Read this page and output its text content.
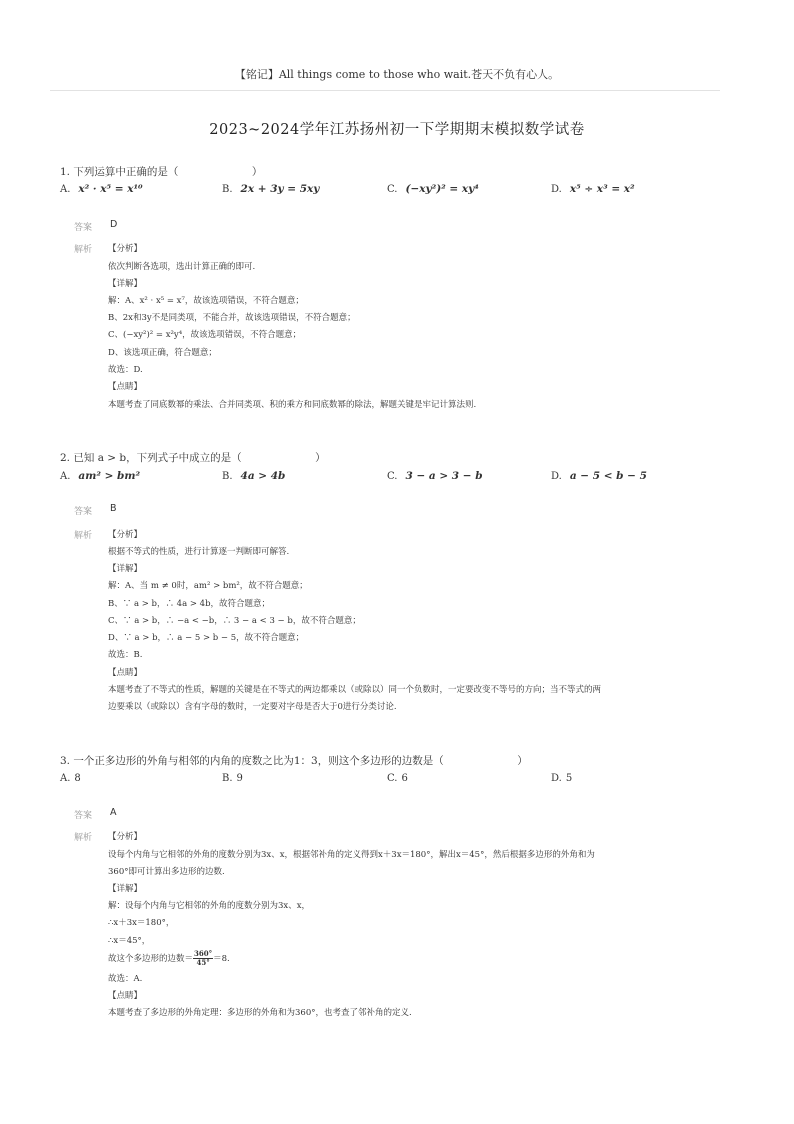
【铭记】All things come to those who wait.苍天不负有心人。
2023~2024学年江苏扬州初一下学期期末模拟数学试卷
1. 下列运算中正确的是（　　　　　　　）
A. x² · x⁵ = x¹⁰	B. 2x + 3y = 5xy	C. (−xy²)² = xy⁴	D. x⁵ ÷ x³ = x²
答案 D
解析 【分析】
依次判断各选项，选出计算正确的即可.
【详解】
解：A、x² · x⁵ = x⁷，故该选项错误，不符合题意；
B、2x和3y不是同类项，不能合并，故该选项错误，不符合题意；
C、(−xy²)² = x²y⁴，故该选项错误，不符合题意；
D、该选项正确，符合题意；
故选：D.
【点睛】
本题考查了同底数幂的乘法、合并同类项、积的乘方和同底数幂的除法，解题关键是牢记计算法则.
2. 已知 a > b，下列式子中成立的是（　　　　　　　）
A. am² > bm²	B. 4a > 4b	C. 3 − a > 3 − b	D. a − 5 < b − 5
答案 B
解析 【分析】
根据不等式的性质，进行计算逐一判断即可解答.
【详解】
解：A、当 m ≠ 0时，am² > bm²，故不符合题意；
B、∵ a > b，∴ 4a > 4b，故符合题意；
C、∵ a > b，∴ −a < −b，∴ 3 − a < 3 − b，故不符合题意；
D、∵ a > b，∴ a − 5 > b − 5，故不符合题意；
故选：B.
【点睛】
本题考查了不等式的性质，解题的关键是在不等式的两边都乘以（或除以）同一个负数时，一定要改变不等号的方向；当不等式的两
边要乘以（或除以）含有字母的数时，一定要对字母是否大于0进行分类讨论.
3. 一个正多边形的外角与相邻的内角的度数之比为1：3，则这个多边形的边数是（　　　　　　　）
A. 8	B. 9	C. 6	D. 5
答案 A
解析 【分析】
设每个内角与它相邻的外角的度数分别为3x、x，根据邻补角的定义得到x＋3x＝180°，解出x＝45°，然后根据多边形的外角和为
360°即可计算出多边形的边数.
【详解】
解：设每个内角与它相邻的外角的度数分别为3x、x，
∴x＋3x＝180°，
∴x＝45°，
故这个多边形的边数＝ $\frac{360^\circ}{45^\circ} =8$.
故选：A.
【点睛】
本题考查了多边形的外角定理：多边形的外角和为360°，也考查了邻补角的定义.
